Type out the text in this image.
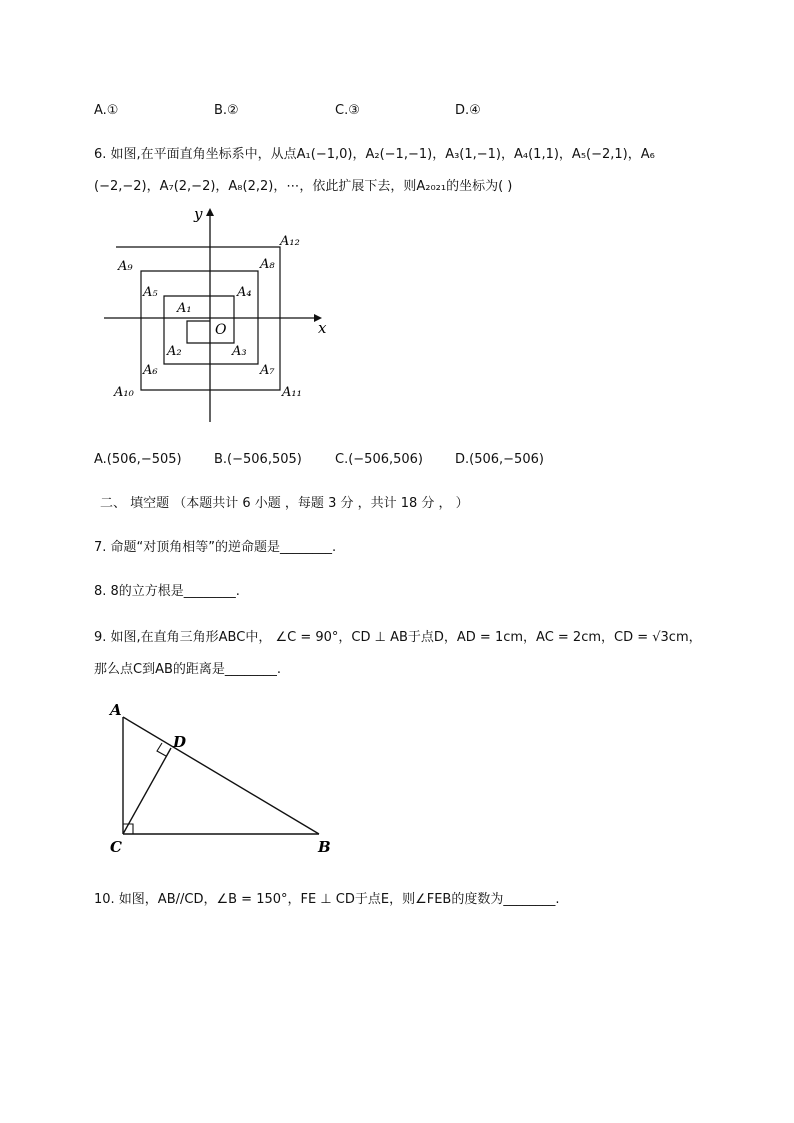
A.①	B.②	C.③	D.④
6. 如图,在平面直角坐标系中，从点A₁(−1,0)，A₂(−1,−1)，A₃(1,−1)，A₄(1,1)，A₅(−2,1)，A₆
(−2,−2)，A₇(2,−2)，A₈(2,2)，⋯，依此扩展下去，则A₂₀₂₁的坐标为( )
x
y
O
A₁
A₂	A₃
A₄
A₅
A₆	A₇
A₈
A₉
A₁₀	A₁₁
A₁₂
A.(506,−505) B.(−506,505)	C.(−506,506) D.(506,−506)
二、 填空题 （本题共计 6 小题 ，每题 3 分 ，共计 18 分 ， ）
7. 命题“对顶角相等”的逆命题是________.
8. 8的立方根是________.
9. 如图,在直角三角形ABC中， ∠C = 90°，CD ⊥ AB于点D，AD = 1cm，AC = 2cm，CD = √3cm，
那么点C到AB的距离是________.
A
D
C	B
10. 如图，AB//CD，∠B = 150°，FE ⊥ CD于点E，则∠FEB的度数为________.
